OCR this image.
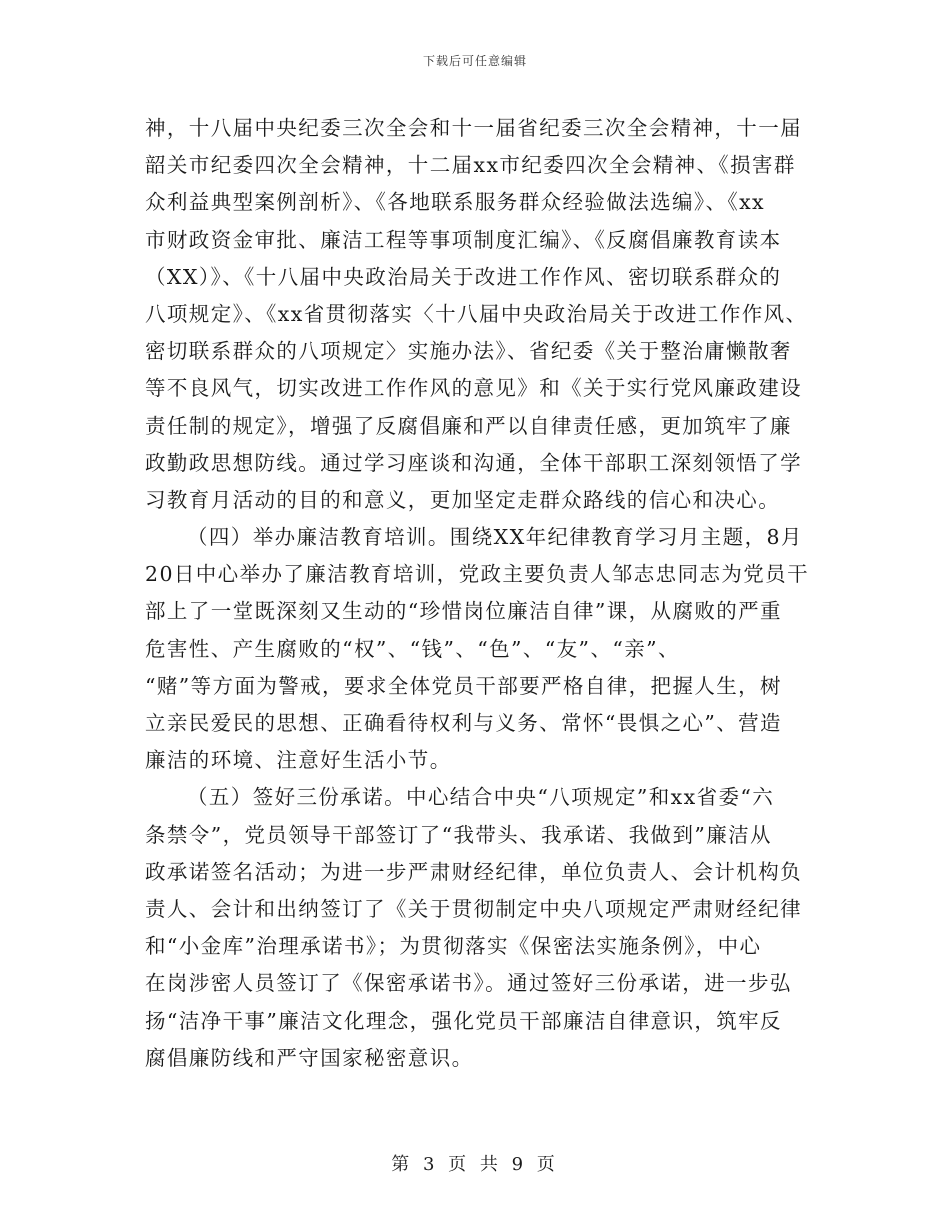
下载后可任意编辑
神，十八届中央纪委三次全会和十一届省纪委三次全会精神，十一届
韶关市纪委四次全会精神，十二届xx市纪委四次全会精神、《损害群
众利益典型案例剖析》、《各地联系服务群众经验做法选编》、《xx
市财政资金审批、廉洁工程等事项制度汇编》、《反腐倡廉教育读本
（XX）》、《十八届中央政治局关于改进工作作风、密切联系群众的
八项规定》、《xx省贯彻落实〈十八届中央政治局关于改进工作作风、
密切联系群众的八项规定〉实施办法》、省纪委《关于整治庸懒散奢
等不良风气，切实改进工作作风的意见》和《关于实行党风廉政建设
责任制的规定》，增强了反腐倡廉和严以自律责任感，更加筑牢了廉
政勤政思想防线。通过学习座谈和沟通，全体干部职工深刻领悟了学
习教育月活动的目的和意义，更加坚定走群众路线的信心和决心。
（四）举办廉洁教育培训。围绕XX年纪律教育学习月主题，8月
20日中心举办了廉洁教育培训，党政主要负责人邹志忠同志为党员干
部上了一堂既深刻又生动的“珍惜岗位廉洁自律”课，从腐败的严重
危害性、产生腐败的“权”、“钱”、“色”、“友”、“亲”、
“赌”等方面为警戒，要求全体党员干部要严格自律，把握人生，树
立亲民爱民的思想、正确看待权利与义务、常怀“畏惧之心”、营造
廉洁的环境、注意好生活小节。
（五）签好三份承诺。中心结合中央“八项规定”和xx省委“六
条禁令”，党员领导干部签订了“我带头、我承诺、我做到”廉洁从
政承诺签名活动；为进一步严肃财经纪律，单位负责人、会计机构负
责人、会计和出纳签订了《关于贯彻制定中央八项规定严肃财经纪律
和“小金库”治理承诺书》；为贯彻落实《保密法实施条例》，中心
在岗涉密人员签订了《保密承诺书》。通过签好三份承诺，进一步弘
扬“洁净干事”廉洁文化理念，强化党员干部廉洁自律意识，筑牢反
腐倡廉防线和严守国家秘密意识。
第 3 页 共 9 页
